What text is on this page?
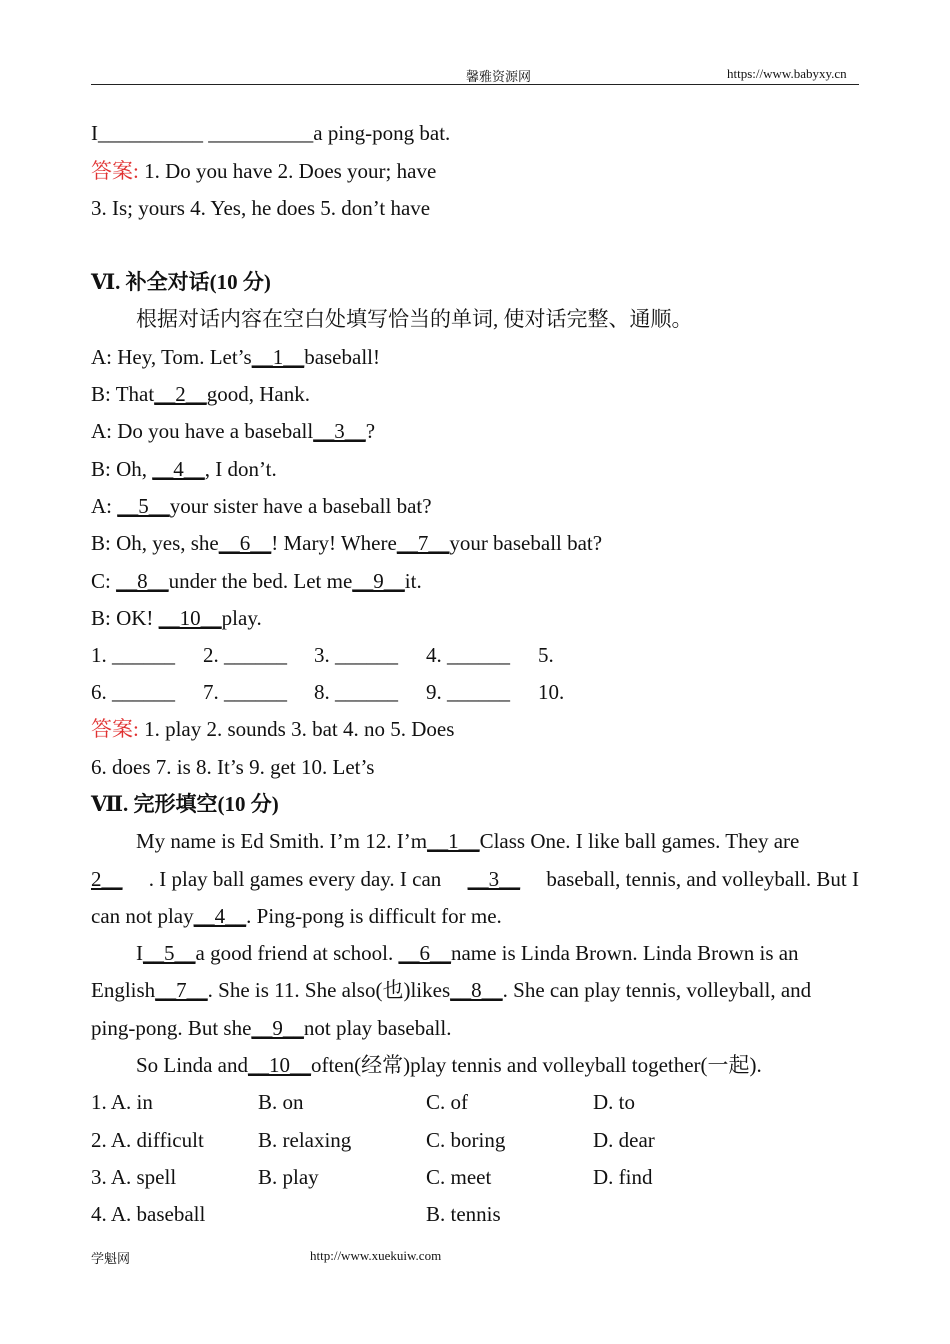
馨雅资源网	https://www.babyxy.cn
I__________ __________a ping-pong bat.
答案: 1. Do you have 2. Does your; have
3. Is; yours 4. Yes, he does 5. don’t have
Ⅵ. 补全对话(10 分)
根据对话内容在空白处填写恰当的单词, 使对话完整、通顺。
A: Hey, Tom. Let’s__1__baseball!
B: That__2__good, Hank.
A: Do you have a baseball__3__?
B: Oh, __4__, I don’t.
A: __5__your sister have a baseball bat?
B: Oh, yes, she__6__! Mary! Where__7__your baseball bat?
C: __8__under the bed. Let me__9__it.
B: OK! __10__play.
1. ______ 2. ______ 3. ______ 4. ______ 5.
6. ______ 7. ______ 8. ______ 9. ______ 10.
答案: 1. play 2. sounds 3. bat 4. no 5. Does
6. does 7. is 8. It’s 9. get 10. Let’s
Ⅶ. 完形填空(10 分)
My name is Ed Smith. I’m 12. I’m__1__Class One. I like ball games. They are
2__ . I play ball games every day. I can __3__ baseball, tennis, and volleyball. But I
can not play__4__. Ping-pong is difficult for me.
I__5__a good friend at school. __6__name is Linda Brown. Linda Brown is an
English__7__. She is 11. She also(也)likes__8__. She can play tennis, volleyball, and
ping-pong. But she__9__not play baseball.
So Linda and__10__often(经常)play tennis and volleyball together(一起).
1. A. in	B. on	C. of	D. to
2. A. difficult	B. relaxing	C. boring	D. dear
3. A. spell	B. play	C. meet	D. find
4. A. baseball	B. tennis
学魁网	http://www.xuekuiw.com
